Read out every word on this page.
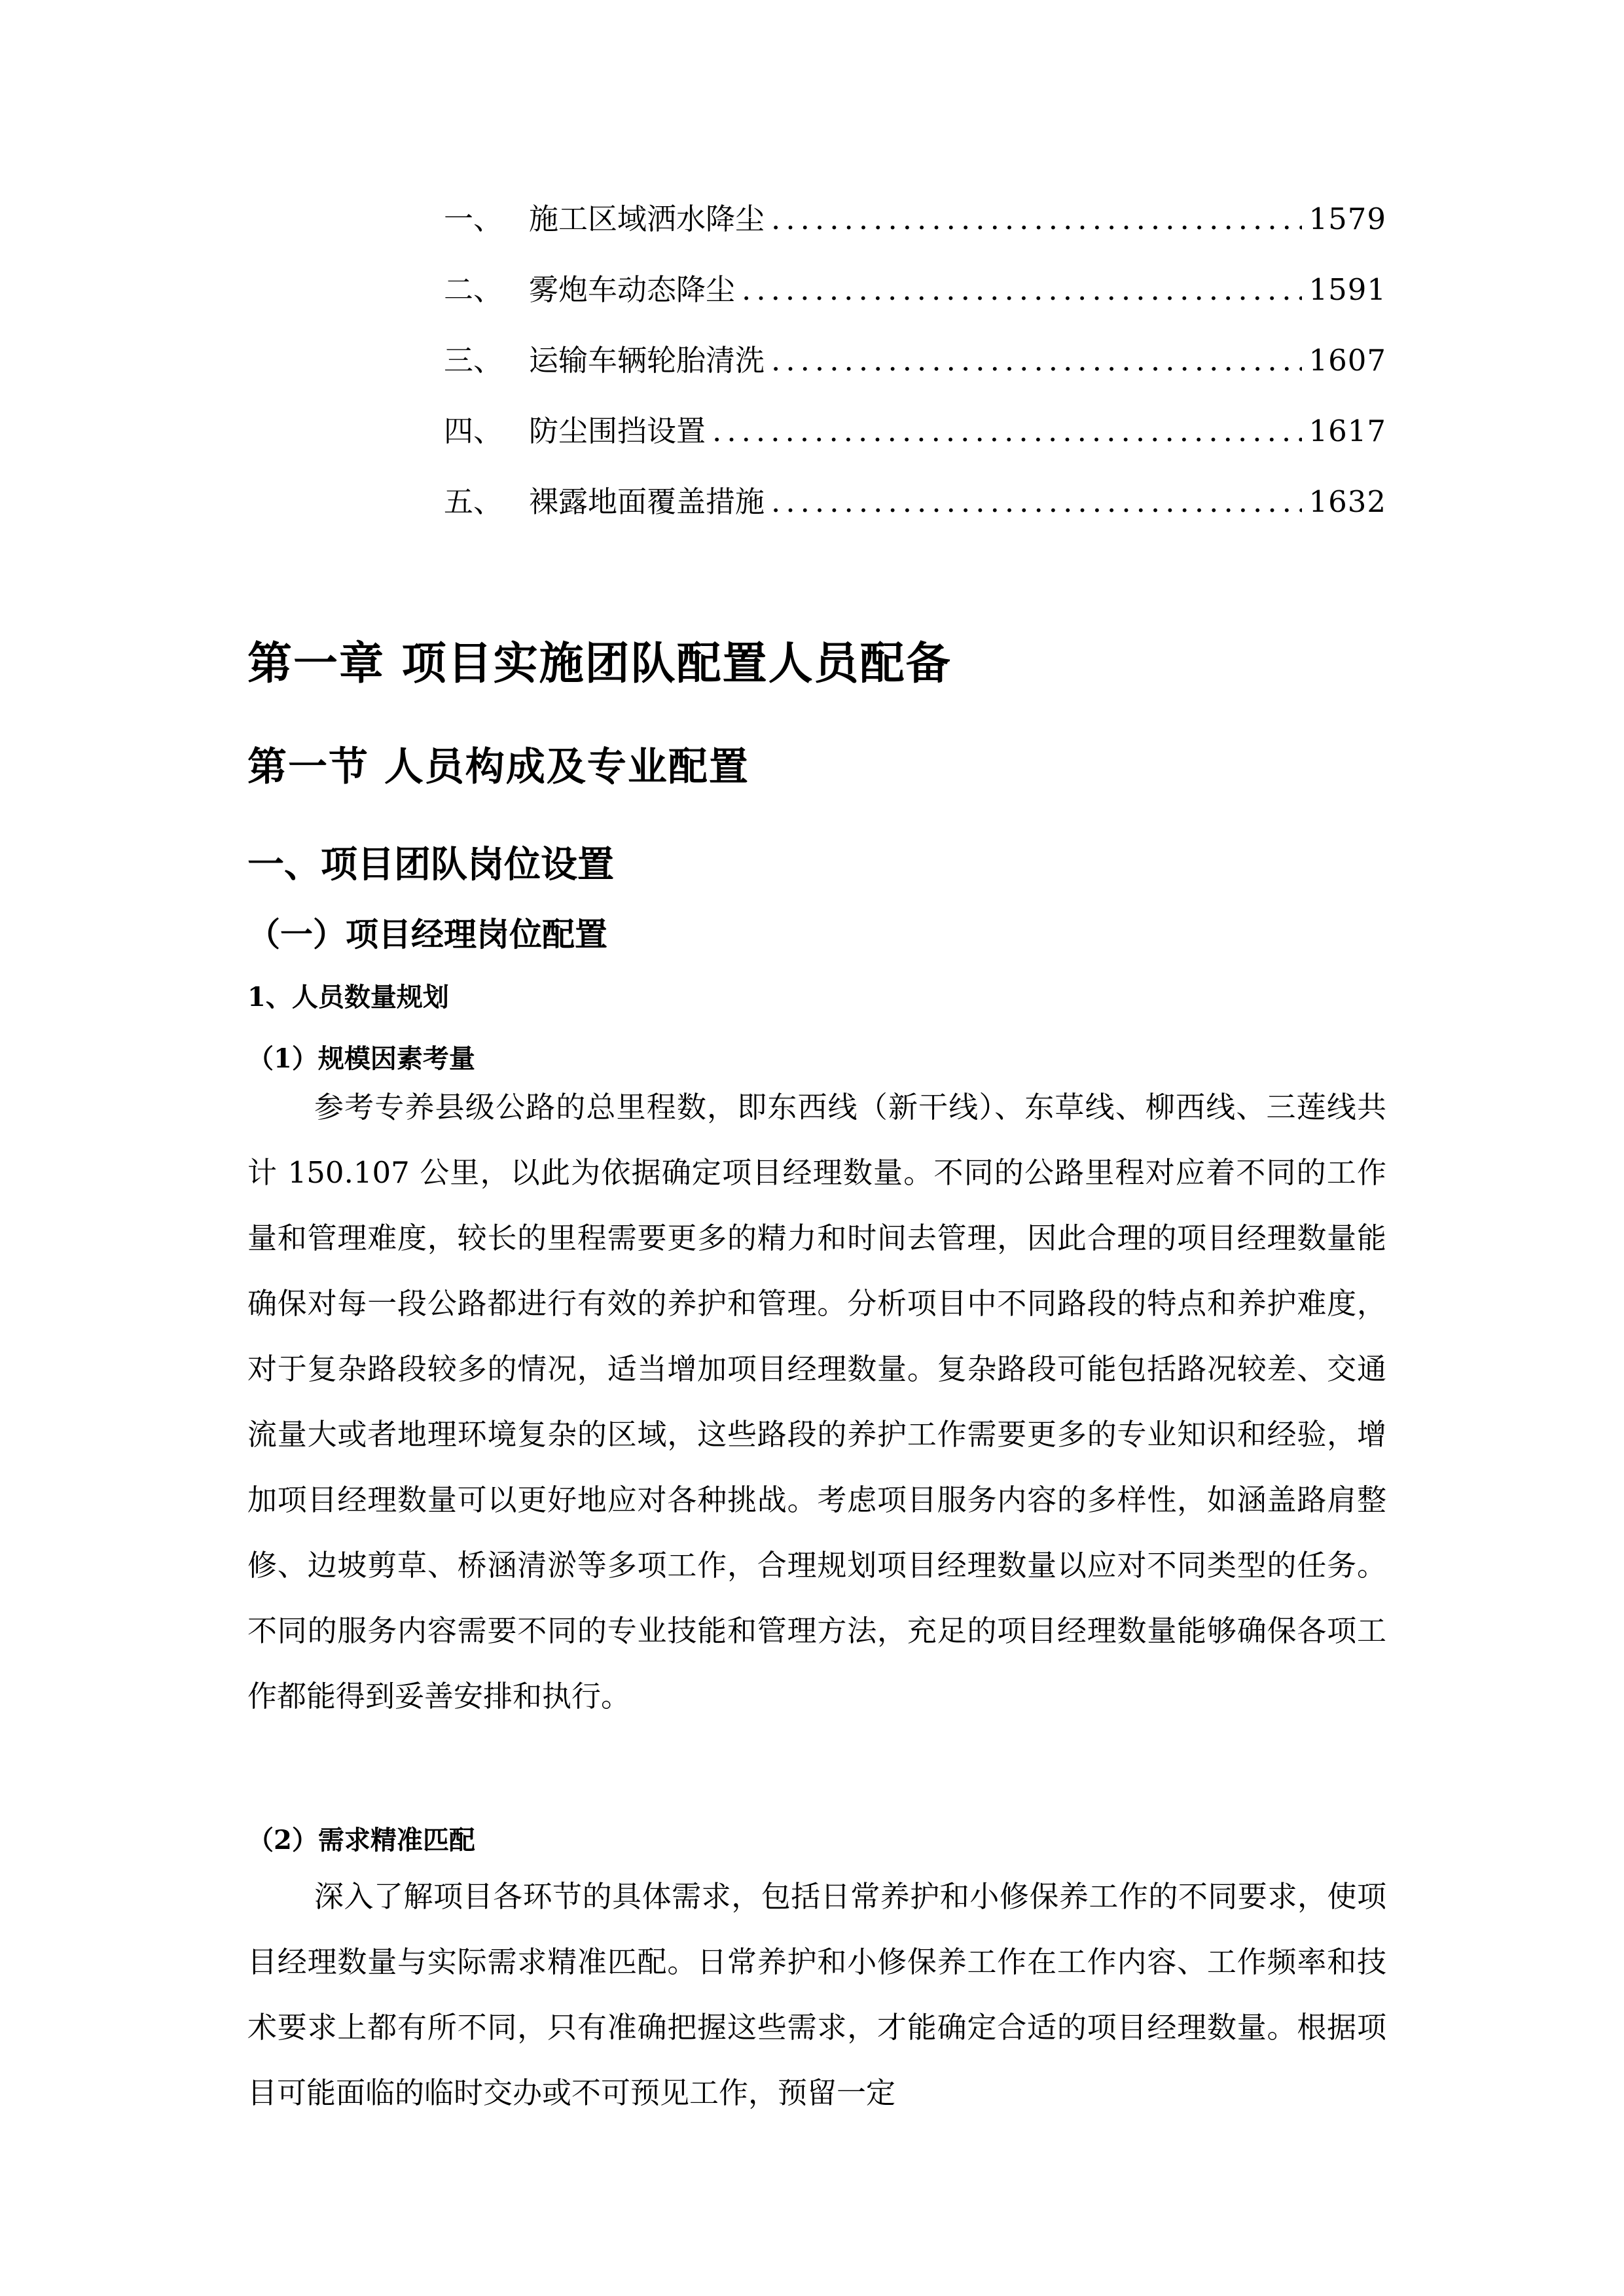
一、 施工区域洒水降尘 .....	1579
二、 雾炮车动态降尘 .....	1591
三、 运输车辆轮胎清洗 .....	1607
四、 防尘围挡设置 .....	1617
五、 裸露地面覆盖措施 .....	1632
第一章 项目实施团队配置人员配备
第一节 人员构成及专业配置
一、项目团队岗位设置
（一）项目经理岗位配置
1、人员数量规划
（1）规模因素考量

参考专养县级公路的总里程数，即东西线（新干线）、东草线、柳西线、三莲线共计 150.107 公里，以此为依据确定项目经理数量。不同的公路里程对应着不同的工作量和管理难度，较长的里程需要更多的精力和时间去管理，因此合理的项目经理数量能确保对每一段公路都进行有效的养护和管理。分析项目中不同路段的特点和养护难度，对于复杂路段较多的情况，适当增加项目经理数量。复杂路段可能包括路况较差、交通流量大或者地理环境复杂的区域，这些路段的养护工作需要更多的专业知识和经验，增加项目经理数量可以更好地应对各种挑战。考虑项目服务内容的多样性，如涵盖路肩整修、边坡剪草、桥涵清淤等多项工作，合理规划项目经理数量以应对不同类型的任务。不同的服务内容需要不同的专业技能和管理方法，充足的项目经理数量能够确保各项工作都能得到妥善安排和执行。

（2）需求精准匹配

深入了解项目各环节的具体需求，包括日常养护和小修保养工作的不同要求，使项目经理数量与实际需求精准匹配。日常养护和小修保养工作在工作内容、工作频率和技术要求上都有所不同，只有准确把握这些需求，才能确定合适的项目经理数量。根据项目可能面临的临时交办或不可预见工作，预留一定
